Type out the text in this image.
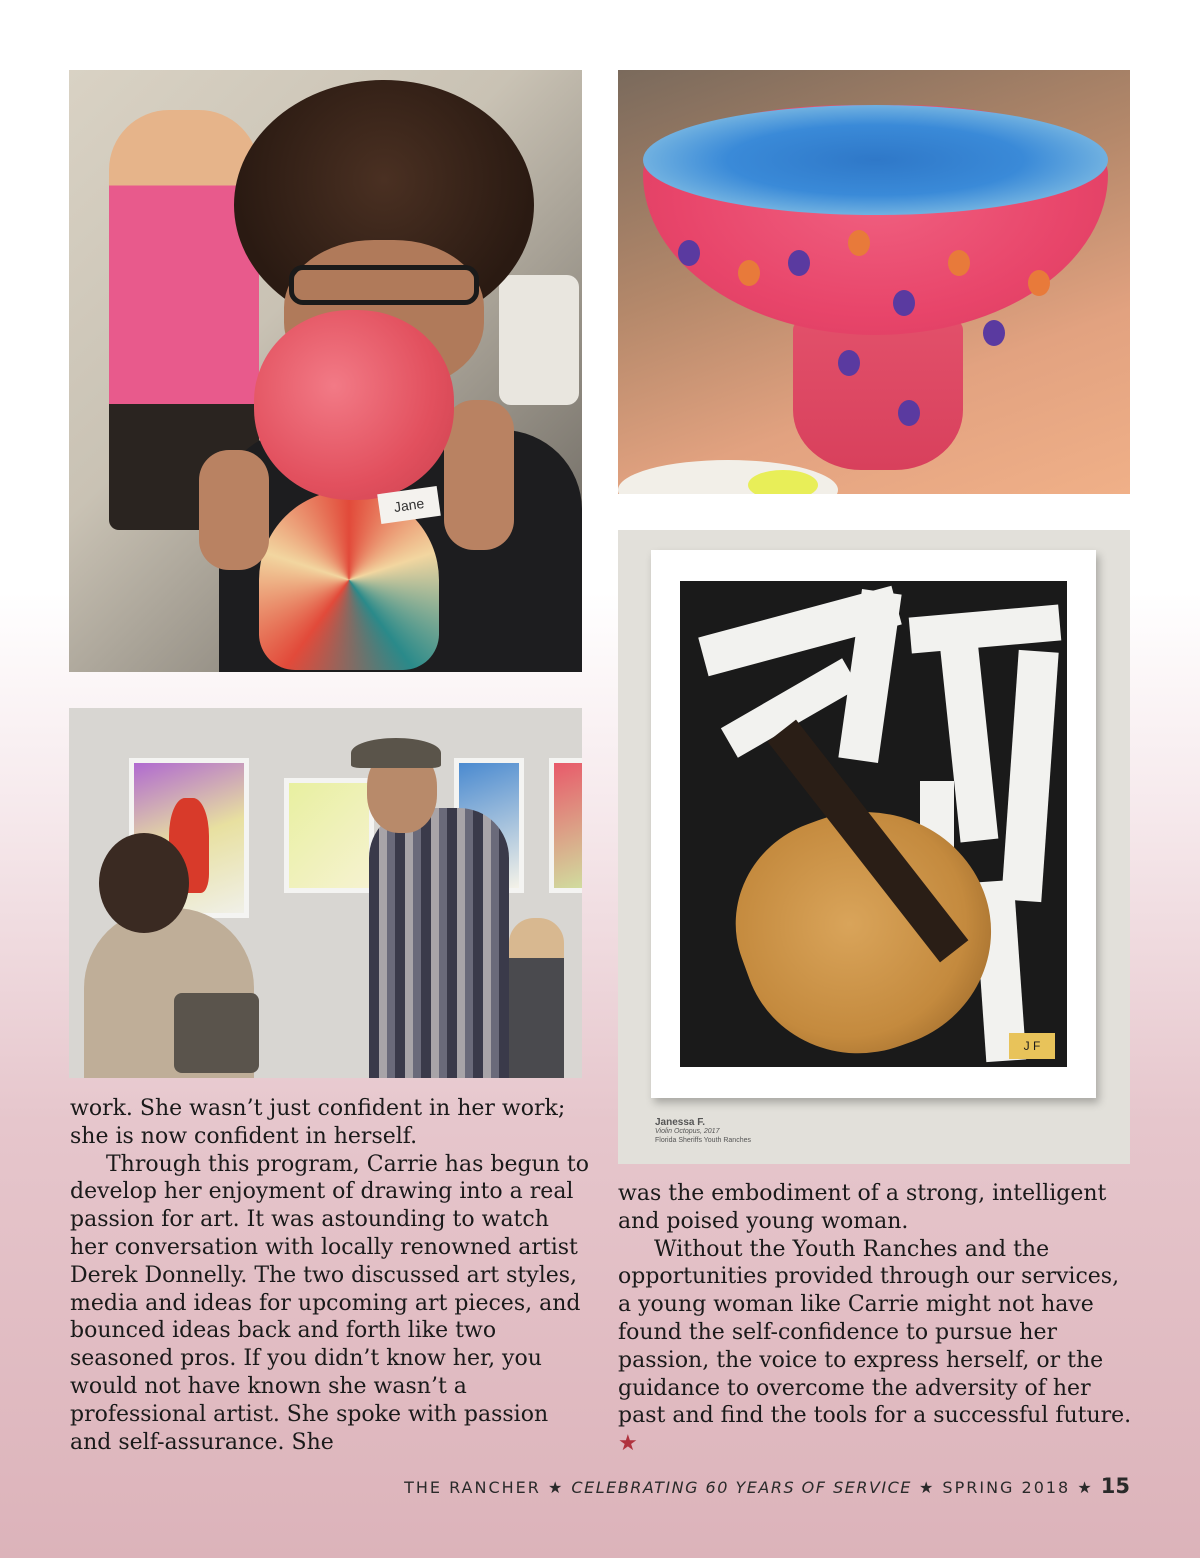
Jane
J F
Janessa F.
Violin Octopus, 2017
Florida Sheriffs Youth Ranches

work. She wasn’t just confident in her work; she is now confident in herself.

Through this program, Carrie has begun to develop her enjoyment of drawing into a real passion for art. It was astounding to watch her conversation with locally renowned artist Derek Donnelly. The two discussed art styles, media and ideas for upcoming art pieces, and bounced ideas back and forth like two seasoned pros. If you didn’t know her, you would not have known she wasn’t a professional artist. She spoke with passion and self-assurance. She

was the embodiment of a strong, intelligent and poised young woman.

Without the Youth Ranches and the opportunities provided through our services, a young woman like Carrie might not have found the self-confidence to pursue her passion, the voice to express herself, or the guidance to overcome the adversity of her past and find the tools for a successful future. ★

THE RANCHER ★ CELEBRATING 60 YEARS OF SERVICE ★ SPRING 2018 ★ 15
